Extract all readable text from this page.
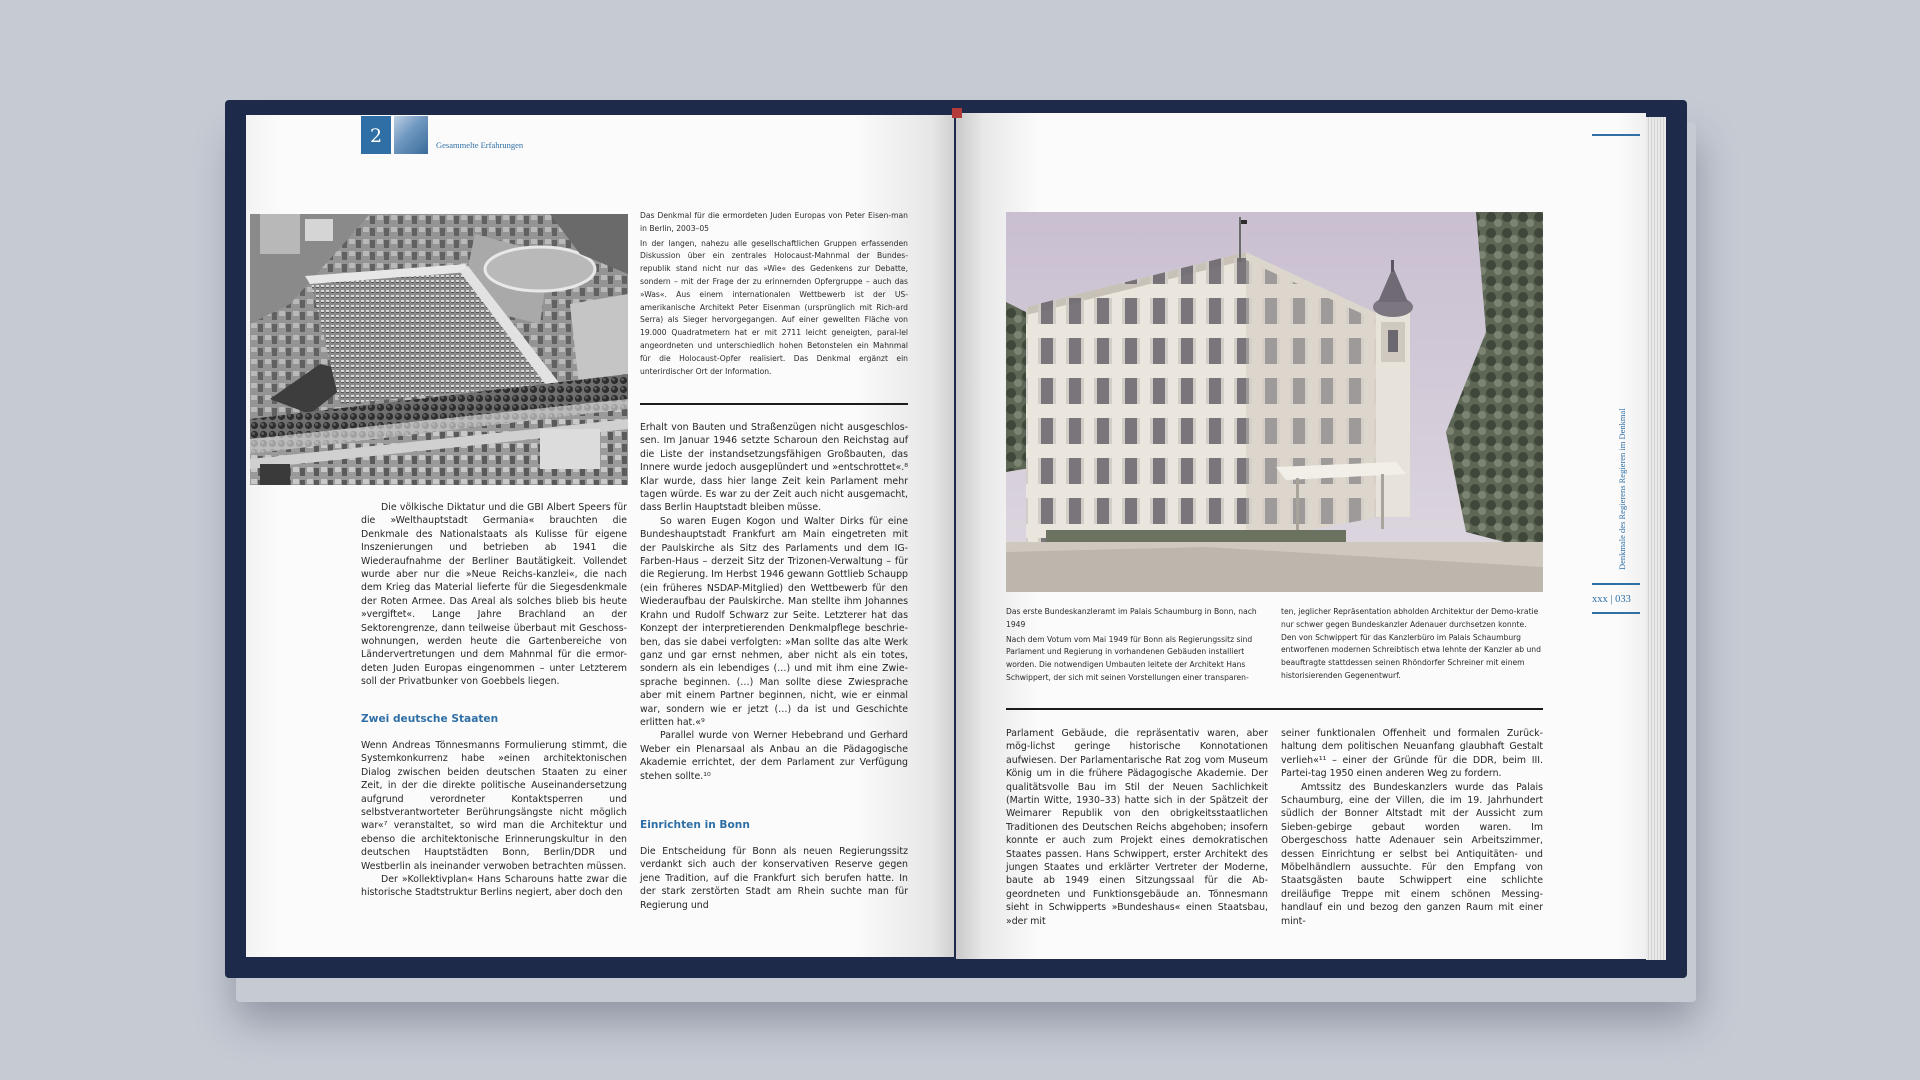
2	Gesammelte Erfahrungen

Das Denkmal für die ermordeten Juden Europas von Peter Eisen-man in Berlin, 2003–05

In der langen, nahezu alle gesellschaftlichen Gruppen erfassenden Diskussion über ein zentrales Holocaust-Mahnmal der Bundes-republik stand nicht nur das »Wie« des Gedenkens zur Debatte, sondern – mit der Frage der zu erinnernden Opfergruppe – auch das »Was«. Aus einem internationalen Wettbewerb ist der US-amerikanische Architekt Peter Eisenman (ursprünglich mit Rich-ard Serra) als Sieger hervorgegangen. Auf einer gewellten Fläche von 19.000 Quadratmetern hat er mit 2711 leicht geneigten, paral-lel angeordneten und unterschiedlich hohen Betonstelen ein Mahnmal für die Holocaust-Opfer realisiert. Das Denkmal ergänzt ein unterirdischer Ort der Information.

Die völkische Diktatur und die GBI Albert Speers für die »Welthauptstadt Germania« brauchten die Denkmale des Nationalstaats als Kulisse für eigene Inszenierungen und betrieben ab 1941 die Wiederaufnahme der Berliner Bautätigkeit. Vollendet wurde aber nur die »Neue Reichs-kanzlei«, die nach dem Krieg das Material lieferte für die Siegesdenkmale der Roten Armee. Das Areal als solches blieb bis heute »vergiftet«. Lange Jahre Brachland an der Sektorengrenze, dann teilweise überbaut mit Geschoss-wohnungen, werden heute die Gartenbereiche von Ländervertretungen und dem Mahnmal für die ermor-deten Juden Europas eingenommen – unter Letzterem soll der Privatbunker von Goebbels liegen.

Zwei deutsche Staaten

Wenn Andreas Tönnesmanns Formulierung stimmt, die Systemkonkurrenz habe »einen architektonischen Dialog zwischen beiden deutschen Staaten zu einer Zeit, in der die direkte politische Auseinandersetzung aufgrund verordneter Kontaktsperren und selbstverantworteter Berührungsängste nicht möglich war«⁷ veranstaltet, so wird man die Architektur und ebenso die architektonische Erinnerungskultur in den deutschen Hauptstädten Bonn, Berlin/DDR und Westberlin als ineinander verwoben betrachten müssen.

Der »Kollektivplan« Hans Scharouns hatte zwar die historische Stadtstruktur Berlins negiert, aber doch den

Erhalt von Bauten und Straßenzügen nicht ausgeschlos-sen. Im Januar 1946 setzte Scharoun den Reichstag auf die Liste der instandsetzungsfähigen Großbauten, das Innere wurde jedoch ausgeplündert und »entschrottet«.⁸ Klar wurde, dass hier lange Zeit kein Parlament mehr tagen würde. Es war zu der Zeit auch nicht ausgemacht, dass Berlin Hauptstadt bleiben müsse.

So waren Eugen Kogon und Walter Dirks für eine Bundeshauptstadt Frankfurt am Main eingetreten mit der Paulskirche als Sitz des Parlaments und dem IG-Farben-Haus – derzeit Sitz der Trizonen-Verwaltung – für die Regierung. Im Herbst 1946 gewann Gottlieb Schaupp (ein früheres NSDAP-Mitglied) den Wettbewerb für den Wiederaufbau der Paulskirche. Man stellte ihm Johannes Krahn und Rudolf Schwarz zur Seite. Letzterer hat das Konzept der interpretierenden Denkmalpflege beschrie-ben, das sie dabei verfolgten: »Man sollte das alte Werk ganz und gar ernst nehmen, aber nicht als ein totes, sondern als ein lebendiges (…) und mit ihm eine Zwie-sprache beginnen. (…) Man sollte diese Zwiesprache aber mit einem Partner beginnen, nicht, wie er einmal war, sondern wie er jetzt (…) da ist und Geschichte erlitten hat.«⁹

Parallel wurde von Werner Hebebrand und Gerhard Weber ein Plenarsaal als Anbau an die Pädagogische Akademie errichtet, der dem Parlament zur Verfügung stehen sollte.¹⁰

Einrichten in Bonn

Die Entscheidung für Bonn als neuen Regierungssitz verdankt sich auch der konservativen Reserve gegen jene Tradition, auf die Frankfurt sich berufen hatte. In der stark zerstörten Stadt am Rhein suchte man für Regierung und

Das erste Bundeskanzleramt im Palais Schaumburg in Bonn, nach 1949

Nach dem Votum vom Mai 1949 für Bonn als Regierungssitz sind Parlament und Regierung in vorhandenen Gebäuden installiert worden. Die notwendigen Umbauten leitete der Architekt Hans Schwippert, der sich mit seinen Vorstellungen einer transparen-

ten, jeglicher Repräsentation abholden Architektur der Demo-kratie nur schwer gegen Bundeskanzler Adenauer durchsetzen konnte. Den von Schwippert für das Kanzlerbüro im Palais Schaumburg entworfenen modernen Schreibtisch etwa lehnte der Kanzler ab und beauftragte stattdessen seinen Rhöndorfer Schreiner mit einem historisierenden Gegenentwurf.

Parlament Gebäude, die repräsentativ waren, aber mög-lichst geringe historische Konnotationen aufwiesen. Der Parlamentarische Rat zog vom Museum König um in die frühere Pädagogische Akademie. Der qualitätsvolle Bau im Stil der Neuen Sachlichkeit (Martin Witte, 1930–33) hatte sich in der Spätzeit der Weimarer Republik von den obrigkeitsstaatlichen Traditionen des Deutschen Reichs abgehoben; insofern konnte er auch zum Projekt eines demokratischen Staates passen. Hans Schwippert, erster Architekt des jungen Staates und erklärter Vertreter der Moderne, baute ab 1949 einen Sitzungssaal für die Ab-geordneten und Funktionsgebäude an. Tönnesmann sieht in Schwipperts »Bundeshaus« einen Staatsbau, »der mit

seiner funktionalen Offenheit und formalen Zurück-haltung dem politischen Neuanfang glaubhaft Gestalt verlieh«¹¹ – einer der Gründe für die DDR, beim III. Partei-tag 1950 einen anderen Weg zu fordern.

Amtssitz des Bundeskanzlers wurde das Palais Schaumburg, eine der Villen, die im 19. Jahrhundert südlich der Bonner Altstadt mit der Aussicht zum Sieben-gebirge gebaut worden waren. Im Obergeschoss hatte Adenauer sein Arbeitszimmer, dessen Einrichtung er selbst bei Antiquitäten- und Möbelhändlern aussuchte. Für den Empfang von Staatsgästen baute Schwippert eine schlichte dreiläufige Treppe mit einem schönen Messing-handlauf ein und bezog den ganzen Raum mit einer mint-

Denkmale des Regierens Regieren im Denkmal
xxx | 033
